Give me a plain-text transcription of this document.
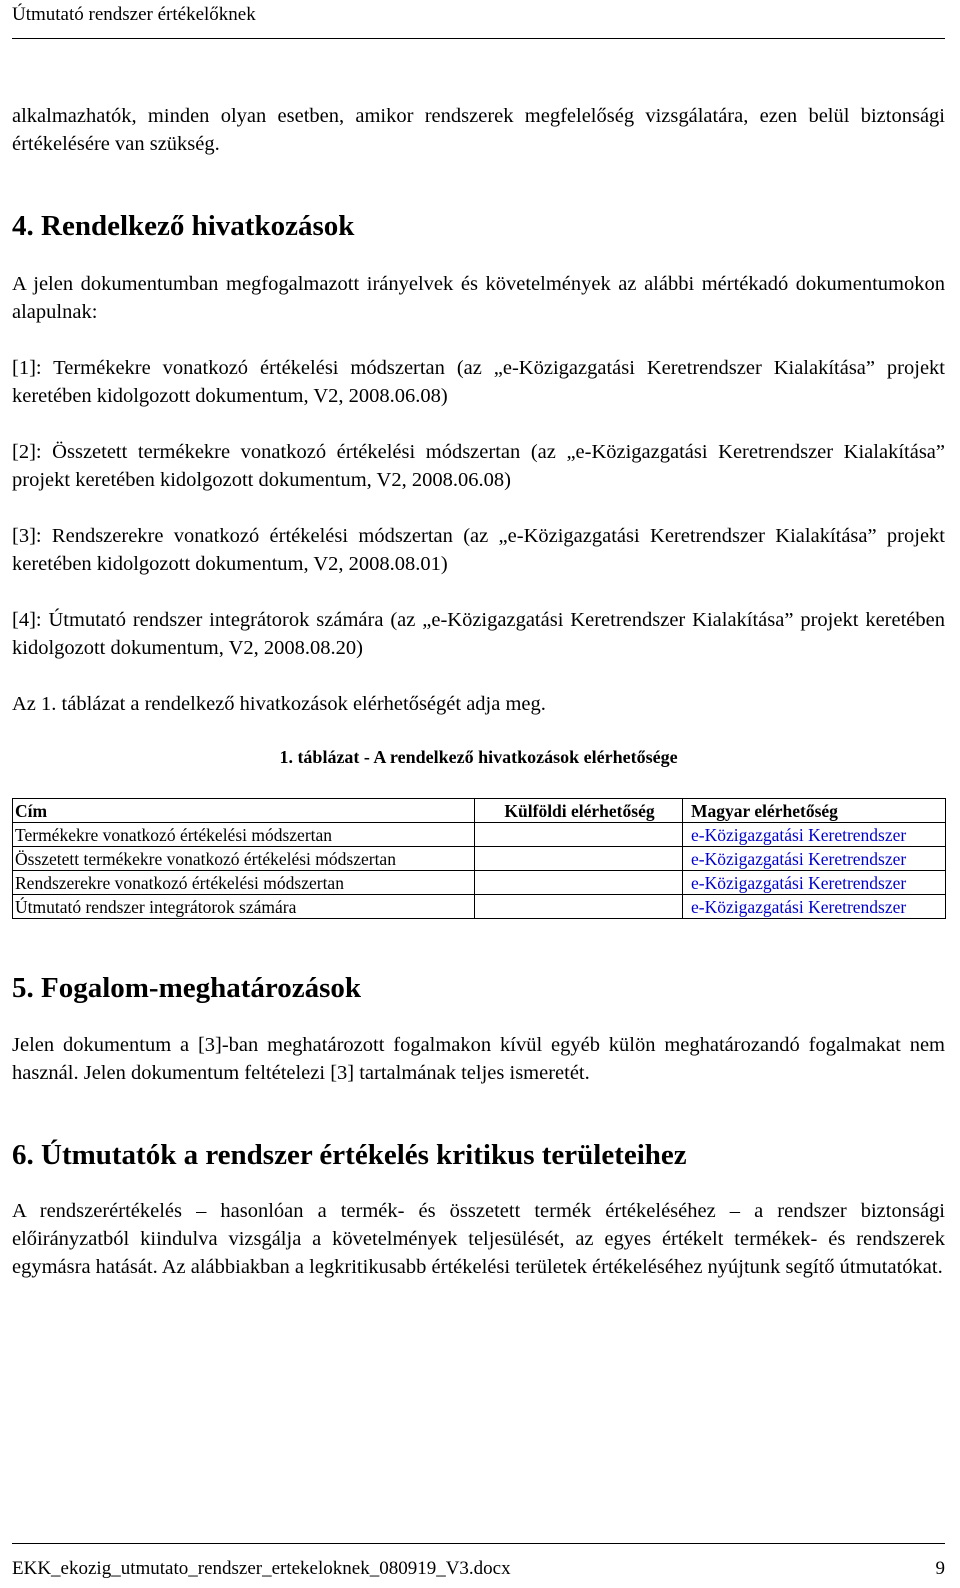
Útmutató rendszer értékelőknek
alkalmazhatók, minden olyan esetben, amikor rendszerek megfelelőség vizsgálatára, ezen belül biztonsági értékelésére van szükség.
4. Rendelkező hivatkozások
A jelen dokumentumban megfogalmazott irányelvek és követelmények az alábbi mértékadó dokumentumokon alapulnak:
[1]: Termékekre vonatkozó értékelési módszertan (az „e-Közigazgatási Keretrendszer Kialakítása” projekt keretében kidolgozott dokumentum, V2, 2008.06.08)
[2]: Összetett termékekre vonatkozó értékelési módszertan (az „e-Közigazgatási Keretrendszer Kialakítása” projekt keretében kidolgozott dokumentum, V2, 2008.06.08)
[3]: Rendszerekre vonatkozó értékelési módszertan (az „e-Közigazgatási Keretrendszer Kialakítása” projekt keretében kidolgozott dokumentum, V2, 2008.08.01)
[4]: Útmutató rendszer integrátorok számára (az „e-Közigazgatási Keretrendszer Kialakítása” projekt keretében kidolgozott dokumentum, V2, 2008.08.20)
Az 1. táblázat a rendelkező hivatkozások elérhetőségét adja meg.
1. táblázat - A rendelkező hivatkozások elérhetősége
Cím	Külföldi elérhetőség	Magyar elérhetőség
Termékekre vonatkozó értékelési módszertan		e-Közigazgatási Keretrendszer
Összetett termékekre vonatkozó értékelési módszertan		e-Közigazgatási Keretrendszer
Rendszerekre vonatkozó értékelési módszertan		e-Közigazgatási Keretrendszer
Útmutató rendszer integrátorok számára		e-Közigazgatási Keretrendszer
5. Fogalom-meghatározások
Jelen dokumentum a [3]-ban meghatározott fogalmakon kívül egyéb külön meghatározandó fogalmakat nem használ. Jelen dokumentum feltételezi [3] tartalmának teljes ismeretét.
6. Útmutatók a rendszer értékelés kritikus területeihez
A rendszerértékelés – hasonlóan a termék- és összetett termék értékeléséhez – a rendszer biztonsági előirányzatból kiindulva vizsgálja a követelmények teljesülését, az egyes értékelt termékek- és rendszerek egymásra hatását. Az alábbiakban a legkritikusabb értékelési területek értékeléséhez nyújtunk segítő útmutatókat.
EKK_ekozig_utmutato_rendszer_ertekeloknek_080919_V3.docx	9
